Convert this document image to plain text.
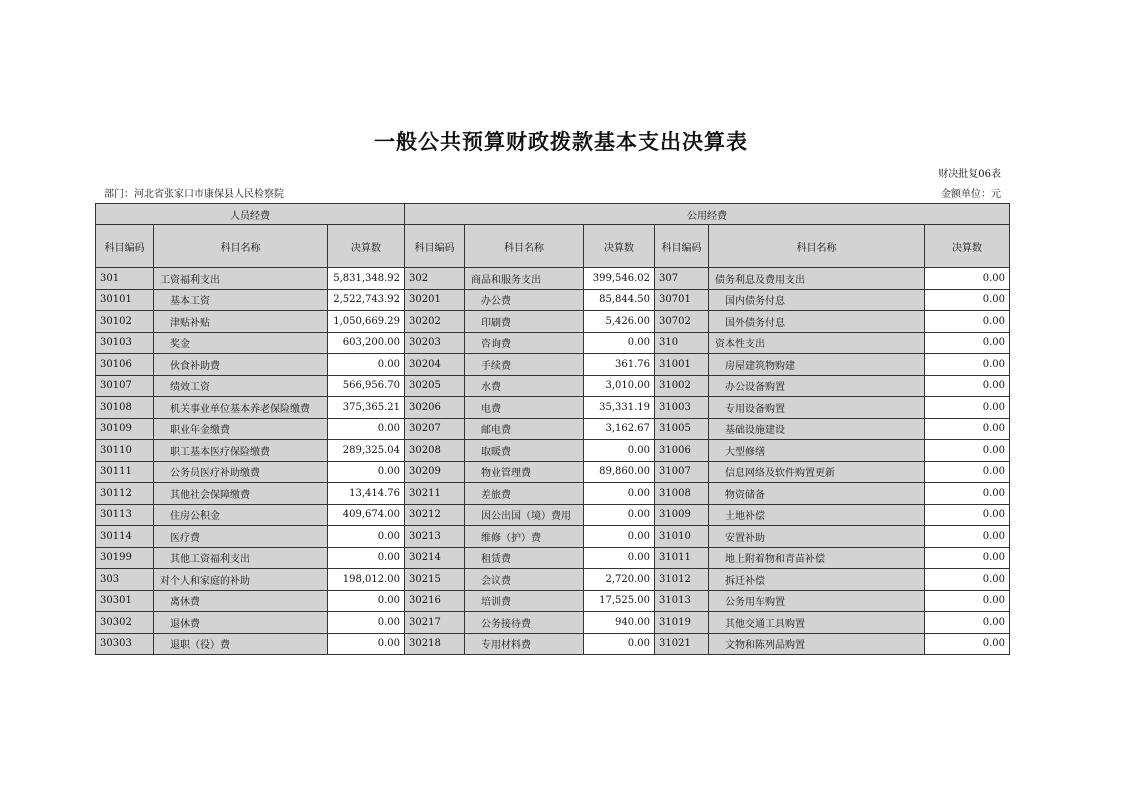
一般公共预算财政拨款基本支出决算表
财决批复06表
部门：河北省张家口市康保县人民检察院	金额单位：元
人员经费			公用经费					
科目编码	科目名称	决算数	科目编码	科目名称	决算数	科目编码	科目名称	决算数
301	工资福利支出	5,831,348.92	302	商品和服务支出	399,546.02	307	债务利息及费用支出	0.00
30101	基本工资	2,522,743.92	30201	办公费	85,844.50	30701	国内债务付息	0.00
30102	津贴补贴	1,050,669.29	30202	印刷费	5,426.00	30702	国外债务付息	0.00
30103	奖金	603,200.00	30203	咨询费	0.00	310	资本性支出	0.00
30106	伙食补助费	0.00	30204	手续费	361.76	31001	房屋建筑物购建	0.00
30107	绩效工资	566,956.70	30205	水费	3,010.00	31002	办公设备购置	0.00
30108	机关事业单位基本养老保险缴费	375,365.21	30206	电费	35,331.19	31003	专用设备购置	0.00
30109	职业年金缴费	0.00	30207	邮电费	3,162.67	31005	基础设施建设	0.00
30110	职工基本医疗保险缴费	289,325.04	30208	取暖费	0.00	31006	大型修缮	0.00
30111	公务员医疗补助缴费	0.00	30209	物业管理费	89,860.00	31007	信息网络及软件购置更新	0.00
30112	其他社会保障缴费	13,414.76	30211	差旅费	0.00	31008	物资储备	0.00
30113	住房公积金	409,674.00	30212	因公出国（境）费用	0.00	31009	土地补偿	0.00
30114	医疗费	0.00	30213	维修（护）费	0.00	31010	安置补助	0.00
30199	其他工资福利支出	0.00	30214	租赁费	0.00	31011	地上附着物和青苗补偿	0.00
303	对个人和家庭的补助	198,012.00	30215	会议费	2,720.00	31012	拆迁补偿	0.00
30301	离休费	0.00	30216	培训费	17,525.00	31013	公务用车购置	0.00
30302	退休费	0.00	30217	公务接待费	940.00	31019	其他交通工具购置	0.00
30303	退职（役）费	0.00	30218	专用材料费	0.00	31021	文物和陈列品购置	0.00
